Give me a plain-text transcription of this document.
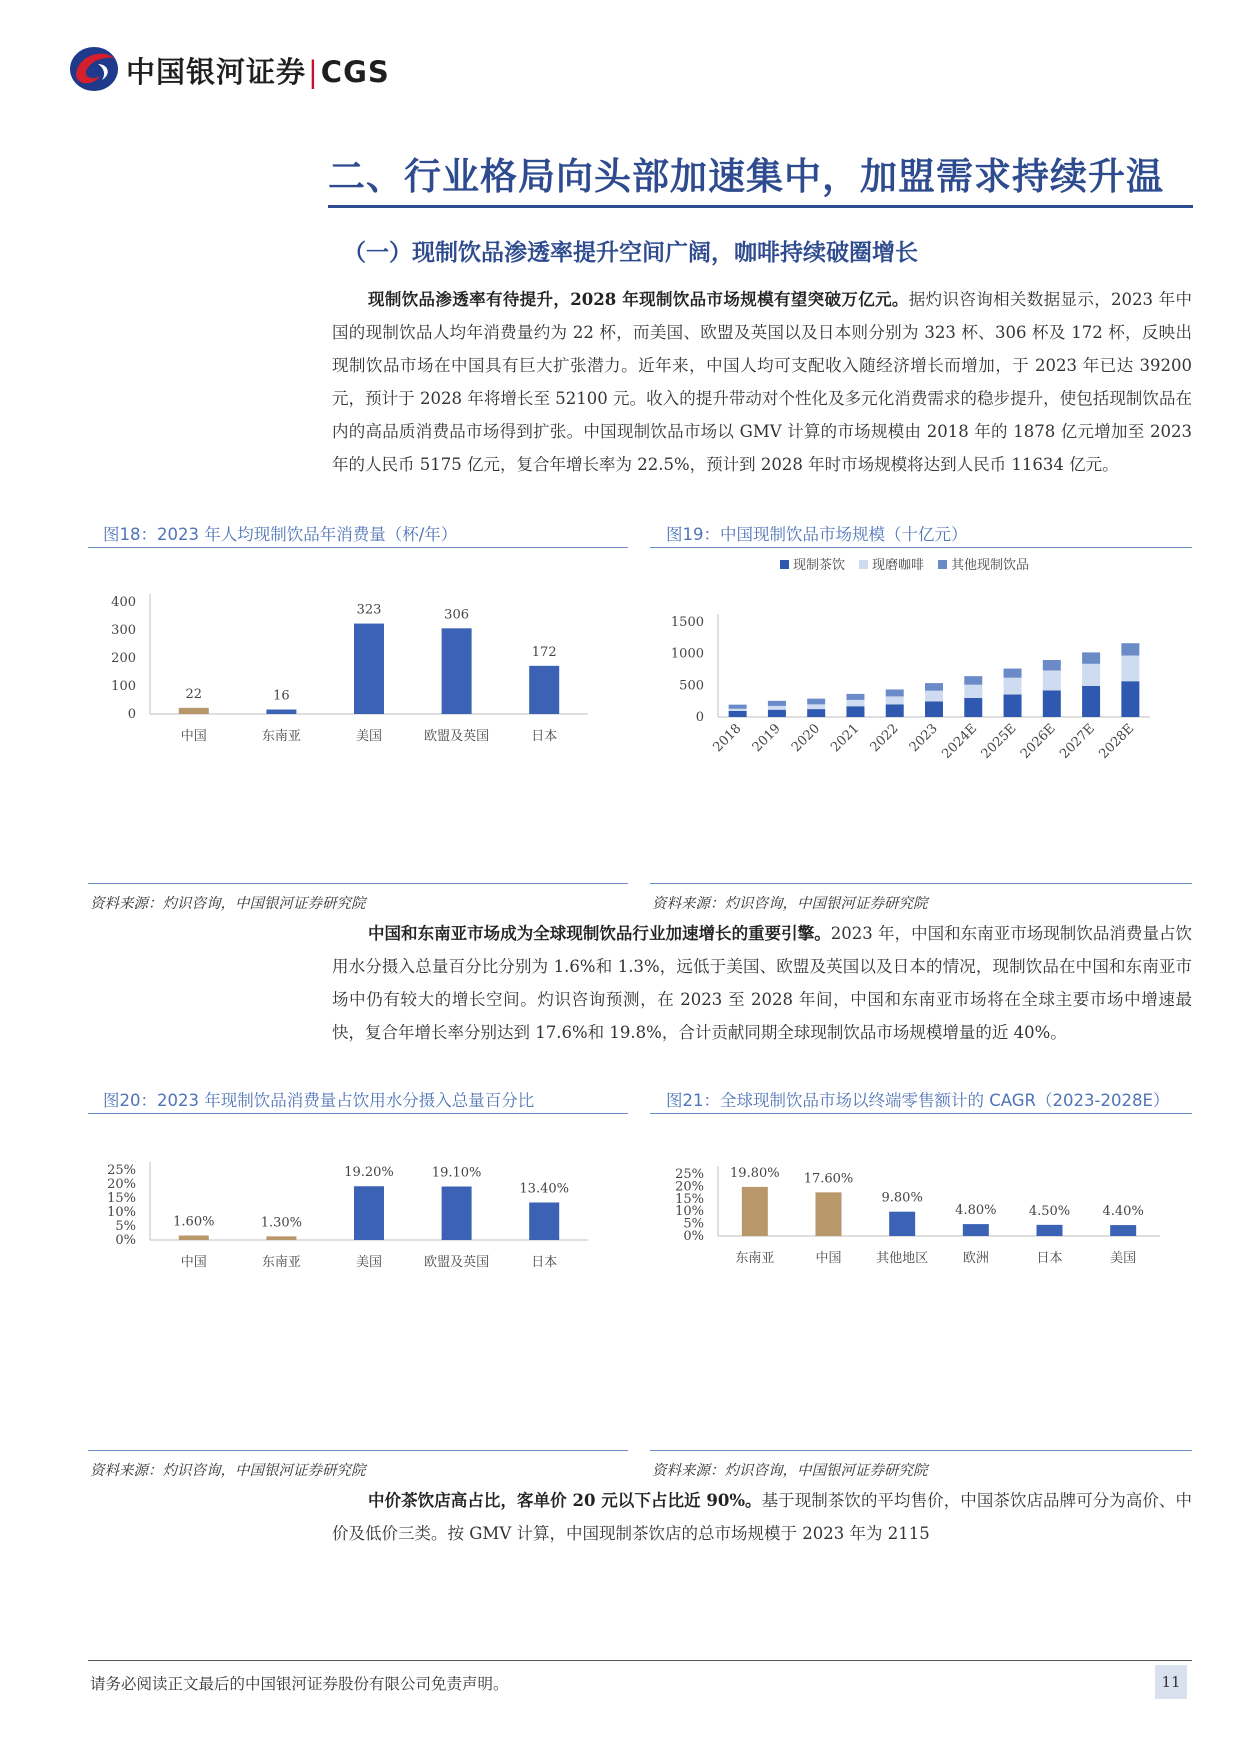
中国银河证券|CGS
二、行业格局向头部加速集中，加盟需求持续升温
（一）现制饮品渗透率提升空间广阔，咖啡持续破圈增长
现制饮品渗透率有待提升，2028 年现制饮品市场规模有望突破万亿元。据灼识咨询相关数据显示，2023 年中国的现制饮品人均年消费量约为 22 杯，而美国、欧盟及英国以及日本则分别为 323 杯、306 杯及 172 杯，反映出现制饮品市场在中国具有巨大扩张潜力。近年来，中国人均可支配收入随经济增长而增加，于 2023 年已达 39200 元，预计于 2028 年将增长至 52100 元。收入的提升带动对个性化及多元化消费需求的稳步提升，使包括现制饮品在内的高品质消费品市场得到扩张。中国现制饮品市场以 GMV 计算的市场规模由 2018 年的 1878 亿元增加至 2023 年的人民币 5175 亿元，复合年增长率为 22.5%，预计到 2028 年时市场规模将达到人民币 11634 亿元。
图18：2023 年人均现制饮品年消费量（杯/年）
0
100
200
300
400
22
中国
16
东南亚
323
美国
306
欧盟及英国
172
日本
资料来源：灼识咨询，中国银河证券研究院
图19：中国现制饮品市场规模（十亿元）
0
500
1000
1500
现制茶饮 现磨咖啡 其他现制饮品
2018 2019 2020 2021 2022 2023
2024E
2025E
2026E
2027E
2028E
资料来源：灼识咨询，中国银河证券研究院
中国和东南亚市场成为全球现制饮品行业加速增长的重要引擎。2023 年，中国和东南亚市场现制饮品消费量占饮用水分摄入总量百分比分别为 1.6%和 1.3%，远低于美国、欧盟及英国以及日本的情况，现制饮品在中国和东南亚市场中仍有较大的增长空间。灼识咨询预测，在 2023 至 2028 年间，中国和东南亚市场将在全球主要市场中增速最快，复合年增长率分别达到 17.6%和 19.8%，合计贡献同期全球现制饮品市场规模增量的近 40%。
图20：2023 年现制饮品消费量占饮用水分摄入总量百分比
0%
5%
10%
15%
20%
25%
1.60%
中国
1.30%
东南亚
19.20%
美国
19.10%
欧盟及英国
13.40%
日本
资料来源：灼识咨询，中国银河证券研究院
图21：全球现制饮品市场以终端零售额计的 CAGR（2023-2028E）
0%
5%
10%
15%
20%
25% 19.80%
东南亚
17.60%
中国
9.80%
其他地区
4.80%
欧洲
4.50%
日本
4.40%
美国
资料来源：灼识咨询，中国银河证券研究院
中价茶饮店高占比，客单价 20 元以下占比近 90%。基于现制茶饮的平均售价，中国茶饮店品牌可分为高价、中价及低价三类。按 GMV 计算，中国现制茶饮店的总市场规模于 2023 年为 2115
请务必阅读正文最后的中国银河证券股份有限公司免责声明。	11
